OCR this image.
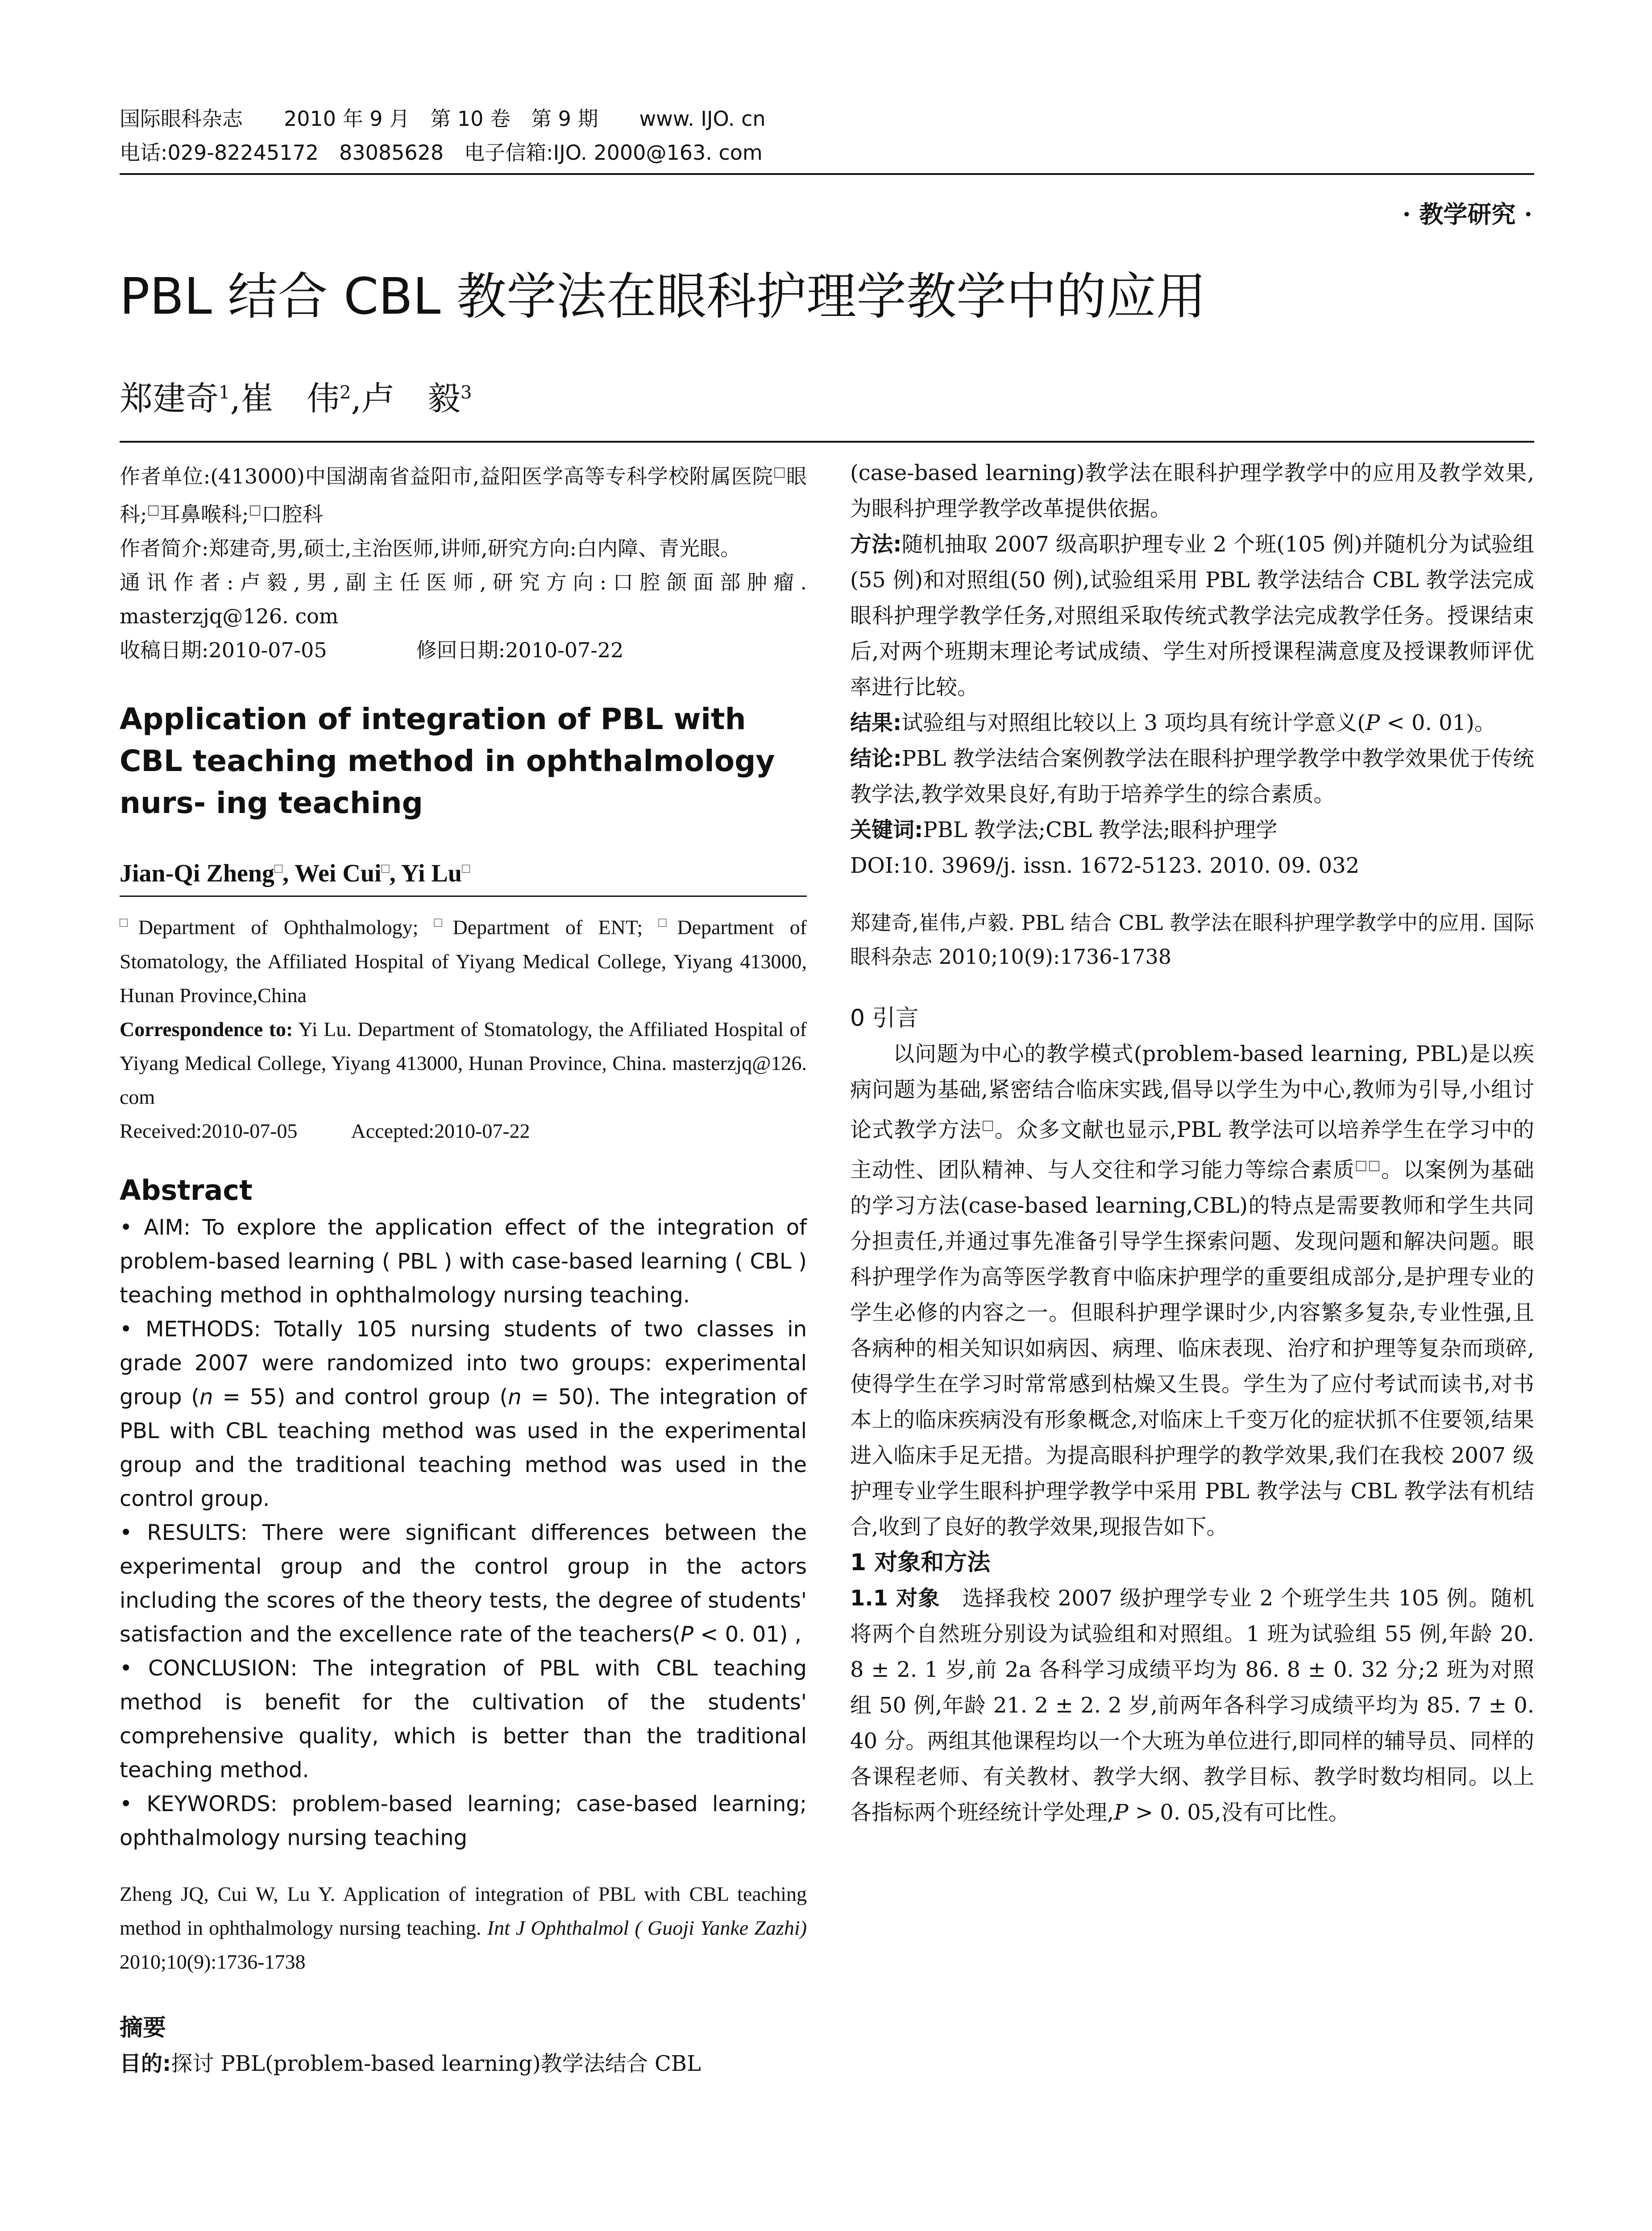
国际眼科杂志　　2010 年 9 月　第 10 卷　第 9 期　　www. IJO. cn
电话:029-82245172　83085628　电子信箱:IJO. 2000@163. com
· 教学研究 ·
PBL 结合 CBL 教学法在眼科护理学教学中的应用
郑建奇$^1$,崔　伟$^2$,卢　毅$^3$

作者单位:(413000)中国湖南省益阳市,益阳医学高等专科学校附属医院□眼科;□耳鼻喉科;□口腔科

作者简介:郑建奇,男,硕士,主治医师,讲师,研究方向:白内障、青光眼。

通讯作者:卢毅,男,副主任医师,研究方向:口腔颌面部肿瘤. masterzjq@126. com

收稿日期:2010-07-05	修回日期:2010-07-22

Application of integration of PBL with CBL teaching method in ophthalmology nurs- ing teaching

Jian-Qi Zheng□, Wei Cui□, Yi Lu□

□Department of Ophthalmology; □Department of ENT; □Department of Stomatology, the Affiliated Hospital of Yiyang Medical College, Yiyang 413000, Hunan Province,China

Correspondence to: Yi Lu. Department of Stomatology, the Affiliated Hospital of Yiyang Medical College, Yiyang 413000, Hunan Province, China. masterzjq@126. com

Received:2010-07-05	Accepted:2010-07-22

Abstract

• AIM: To explore the application effect of the integration of problem-based learning ( PBL ) with case-based learning ( CBL ) teaching method in ophthalmology nursing teaching.

• METHODS: Totally 105 nursing students of two classes in grade 2007 were randomized into two groups: experimental group (n = 55) and control group (n = 50). The integration of PBL with CBL teaching method was used in the experimental group and the traditional teaching method was used in the control group.

• RESULTS: There were significant differences between the experimental group and the control group in the actors including the scores of the theory tests, the degree of students' satisfaction and the excellence rate of the teachers(P < 0. 01) ,

• CONCLUSION: The integration of PBL with CBL teaching method is benefit for the cultivation of the students' comprehensive quality, which is better than the traditional teaching method.

• KEYWORDS: problem-based learning; case-based learning; ophthalmology nursing teaching

Zheng JQ, Cui W, Lu Y. Application of integration of PBL with CBL teaching method in ophthalmology nursing teaching. Int J Ophthalmol ( Guoji Yanke Zazhi) 2010;10(9):1736-1738

摘要

目的:探讨 PBL(problem-based learning)教学法结合 CBL

(case-based learning)教学法在眼科护理学教学中的应用及教学效果,为眼科护理学教学改革提供依据。

方法:随机抽取 2007 级高职护理专业 2 个班(105 例)并随机分为试验组(55 例)和对照组(50 例),试验组采用 PBL 教学法结合 CBL 教学法完成眼科护理学教学任务,对照组采取传统式教学法完成教学任务。授课结束后,对两个班期末理论考试成绩、学生对所授课程满意度及授课教师评优率进行比较。

结果:试验组与对照组比较以上 3 项均具有统计学意义(P < 0. 01)。

结论:PBL 教学法结合案例教学法在眼科护理学教学中教学效果优于传统教学法,教学效果良好,有助于培养学生的综合素质。

关键词:PBL 教学法;CBL 教学法;眼科护理学

DOI:10. 3969/j. issn. 1672-5123. 2010. 09. 032

郑建奇,崔伟,卢毅. PBL 结合 CBL 教学法在眼科护理学教学中的应用. 国际眼科杂志 2010;10(9):1736-1738

0 引言

以问题为中心的教学模式(problem-based learning, PBL)是以疾病问题为基础,紧密结合临床实践,倡导以学生为中心,教师为引导,小组讨论式教学方法□。众多文献也显示,PBL 教学法可以培养学生在学习中的主动性、团队精神、与人交往和学习能力等综合素质□□。以案例为基础的学习方法(case-based learning,CBL)的特点是需要教师和学生共同分担责任,并通过事先准备引导学生探索问题、发现问题和解决问题。眼科护理学作为高等医学教育中临床护理学的重要组成部分,是护理专业的学生必修的内容之一。但眼科护理学课时少,内容繁多复杂,专业性强,且各病种的相关知识如病因、病理、临床表现、治疗和护理等复杂而琐碎,使得学生在学习时常常感到枯燥又生畏。学生为了应付考试而读书,对书本上的临床疾病没有形象概念,对临床上千变万化的症状抓不住要领,结果进入临床手足无措。为提高眼科护理学的教学效果,我们在我校 2007 级护理专业学生眼科护理学教学中采用 PBL 教学法与 CBL 教学法有机结合,收到了良好的教学效果,现报告如下。

1 对象和方法

1.1 对象　 选择我校 2007 级护理学专业 2 个班学生共 105 例。随机将两个自然班分别设为试验组和对照组。1 班为试验组 55 例,年龄 20. 8 ± 2. 1 岁,前 2a 各科学习成绩平均为 86. 8 ± 0. 32 分;2 班为对照组 50 例,年龄 21. 2 ± 2. 2 岁,前两年各科学习成绩平均为 85. 7 ± 0. 40 分。两组其他课程均以一个大班为单位进行,即同样的辅导员、同样的各课程老师、有关教材、教学大纲、教学目标、教学时数均相同。以上各指标两个班经统计学处理,P > 0. 05,没有可比性。
